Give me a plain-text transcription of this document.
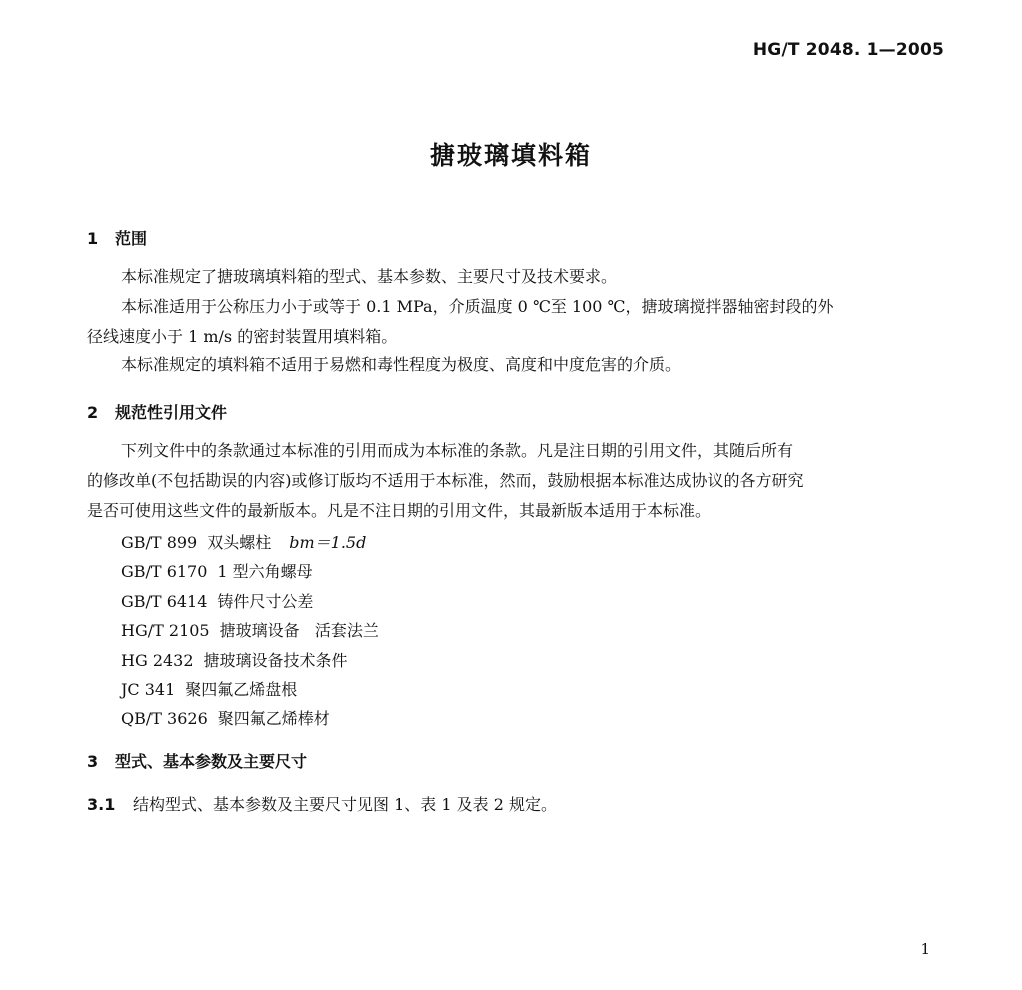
HG/T 2048. 1—2005
搪玻璃填料箱
1 范围
本标准规定了搪玻璃填料箱的型式、基本参数、主要尺寸及技术要求。
本标准适用于公称压力小于或等于 0.1 MPa，介质温度 0 ℃至 100 ℃，搪玻璃搅拌器轴密封段的外
径线速度小于 1 m/s 的密封装置用填料箱。
本标准规定的填料箱不适用于易燃和毒性程度为极度、高度和中度危害的介质。
2 规范性引用文件
下列文件中的条款通过本标准的引用而成为本标准的条款。凡是注日期的引用文件，其随后所有
的修改单(不包括勘误的内容)或修订版均不适用于本标准，然而，鼓励根据本标准达成协议的各方研究
是否可使用这些文件的最新版本。凡是不注日期的引用文件，其最新版本适用于本标准。
GB/T 899 双头螺柱 bm＝1.5d
GB/T 6170 1 型六角螺母
GB/T 6414 铸件尺寸公差
HG/T 2105 搪玻璃设备   活套法兰
HG 2432 搪玻璃设备技术条件
JC 341 聚四氟乙烯盘根
QB/T 3626 聚四氟乙烯棒材
3 型式、基本参数及主要尺寸
3.1 结构型式、基本参数及主要尺寸见图 1、表 1 及表 2 规定。
1
